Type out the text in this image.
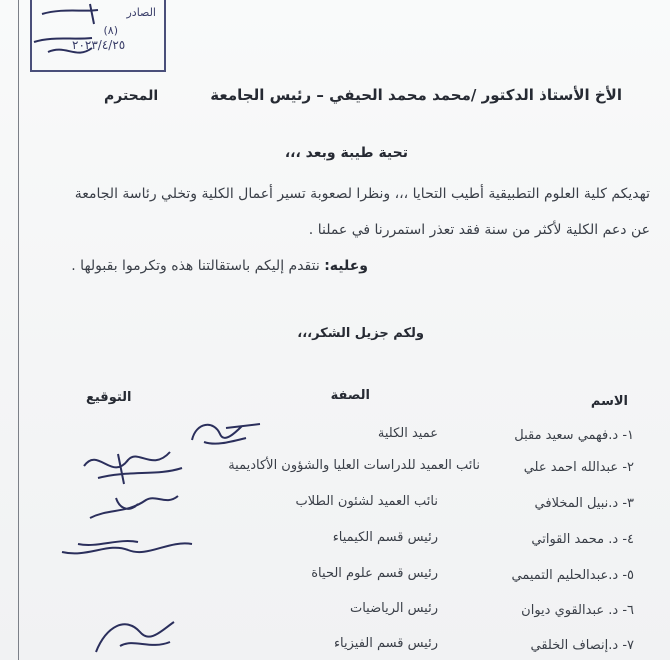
الصادر
(٨)
٢٠٢٣/٤/٢٥
الأخ الأستاذ الدكتور /محمد محمد الحيفي – رئيس الجامعة
المحترم
تحية طيبة وبعد ،،،
تهديكم كلية العلوم التطبيقية أطيب التحايا ،،، ونظرا لصعوبة تسير أعمال الكلية وتخلي رئاسة الجامعة
عن دعم الكلية لأكثر من سنة فقد تعذر استمررنا في عملنا .
وعليه: نتقدم إليكم باستقالتنا هذه وتكرموا بقبولها .
ولكم جزيل الشكر،،،
الاسم
الصفة
التوقيع
١- د.فهمي سعيد مقبل
عميد الكلية
٢- عبدالله احمد علي
نائب العميد للدراسات العليا والشؤون الأكاديمية
٣- د.نبيل المخلافي
نائب العميد لشئون الطلاب
٤- د. محمد القواتي
رئيس قسم الكيمياء
٥- د.عبدالحليم التميمي
رئيس قسم علوم الحياة
٦- د. عبدالقوي ديوان
رئيس الرياضيات
٧- د.إنصاف الخلقي
رئيس قسم الفيزياء
